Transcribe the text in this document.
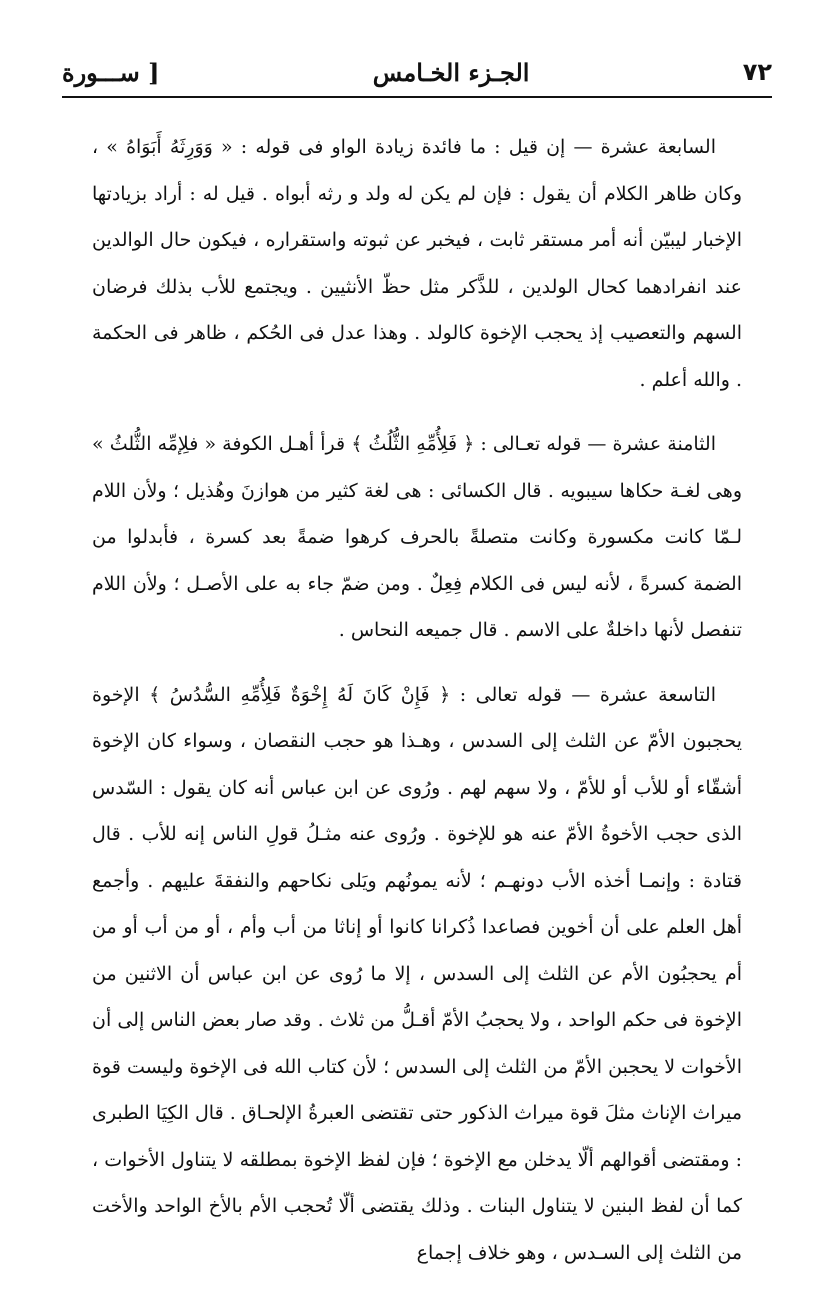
٧٢
الجـزء الخـامس
[ ســـورة

السابعة عشرة — إن قيل : ما فائدة زيادة الواو فى قوله : « وَوَرِثَهُ أَبَوَاهُ » ، وكان ظاهر الكلام أن يقول : فإن لم يكن له ولد و رثه أبواه . قيل له : أراد بزيادتها الإخبار ليبيّن أنه أمر مستقر ثابت ، فيخبر عن ثبوته واستقراره ، فيكون حال الوالدين عند انفرادهما كحال الولدين ، للذَّكر مثل حظّ الأنثيين . ويجتمع للأب بذلك فرضان السهم والتعصيب إذ يحجب الإخوة كالولد . وهذا عدل فى الحُكم ، ظاهر فى الحكمة . والله أعلم .

الثامنة عشرة — قوله تعـالى : ﴿ فَلِأُمِّهِ الثُّلُثُ ﴾ قرأ أهـل الكوفة « فلِإمِّه الثُّلثُ » وهى لغـة حكاها سيبويه . قال الكسائى : هى لغة كثير من هوازنَ وهُذيل ؛ ولأن اللام لـمّا كانت مكسورة وكانت متصلةً بالحرف كرهوا ضمةً بعد كسرة ، فأبدلوا من الضمة كسرةً ، لأنه ليس فى الكلام فِعِلٌ . ومن ضمّ جاء به على الأصـل ؛ ولأن اللام تنفصل لأنها داخلةٌ على الاسم . قال جميعه النحاس .

التاسعة عشرة — قوله تعالى : ﴿ فَإِنْ كَانَ لَهُ إِخْوَةٌ فَلِأُمِّهِ السُّدُسُ ﴾ الإخوة يحجبون الأمّ عن الثلث إلى السدس ، وهـذا هو حجب النقصان ، وسواء كان الإخوة أشقّاء أو للأب أو للأمّ ، ولا سهم لهم . ورُوى عن ابن عباس أنه كان يقول : السّدس الذى حجب الأخوةُ الأمّ عنه هو للإخوة . ورُوى عنه مثـلُ قولِ الناس إنه للأب . قال قتادة : وإنمـا أخذه الأب دونهـم ؛ لأنه يمونُهم ويَلى نكاحهم والنفقةَ عليهم . وأجمع أهل العلم على أن أخوين فصاعدا ذُكرانا كانوا أو إناثا من أب وأم ، أو من أب أو من أم يحجبُون الأم عن الثلث إلى السدس ، إلا ما رُوى عن ابن عباس أن الاثنين من الإخوة فى حكم الواحد ، ولا يحجبُ الأمّ أقـلُّ من ثلاث . وقد صار بعض الناس إلى أن الأخوات لا يحجبن الأمّ من الثلث إلى السدس ؛ لأن كتاب الله فى الإخوة وليست قوة ميراث الإناث مثلَ قوة ميراث الذكور حتى تقتضى العبرةُ الإلحـاق . قال الكِيَا الطبرى : ومقتضى أقوالهم ألّا يدخلن مع الإخوة ؛ فإن لفظ الإخوة بمطلقه لا يتناول الأخوات ، كما أن لفظ البنين لا يتناول البنات . وذلك يقتضى ألّا تُحجب الأم بالأخ الواحد والأخت من الثلث إلى السـدس ، وهو خلاف إجماع
